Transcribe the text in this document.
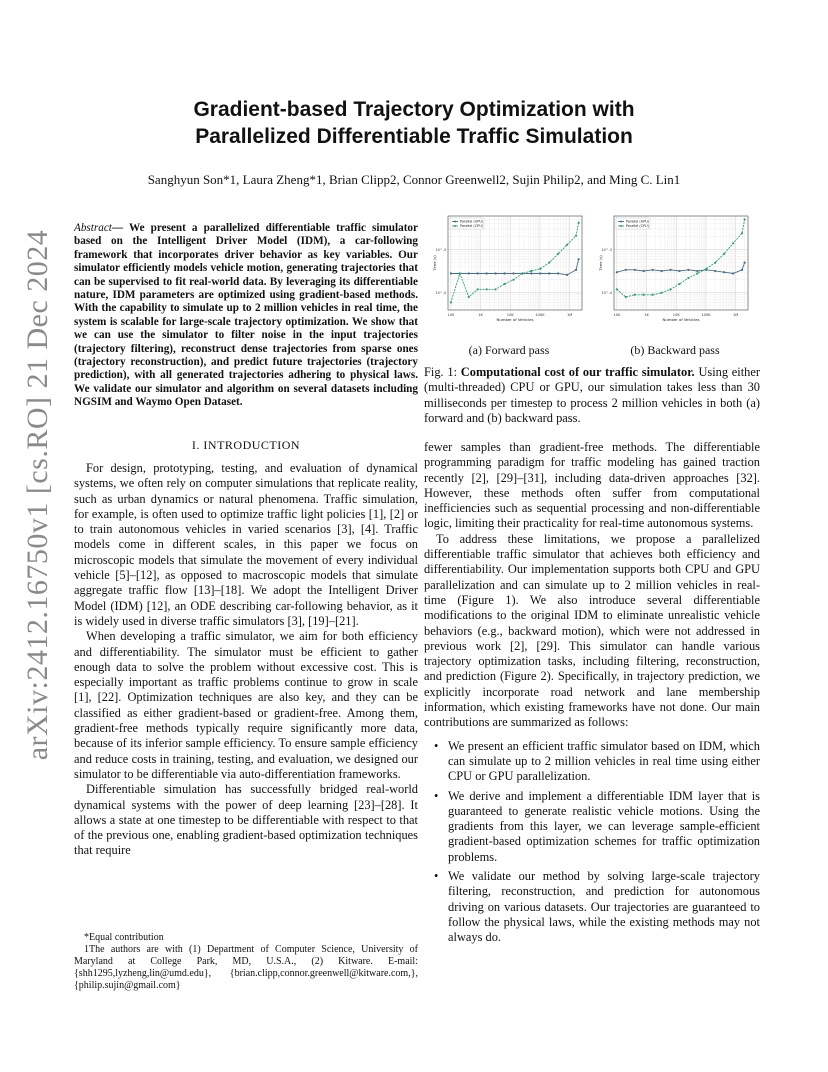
arXiv:2412.16750v1 [cs.RO] 21 Dec 2024
Gradient-based Trajectory Optimization with
Parallelized Differentiable Traffic Simulation
Sanghyun Son*1, Laura Zheng*1, Brian Clipp2, Connor Greenwell2, Sujin Philip2, and Ming C. Lin1
Abstract— We present a parallelized differentiable traffic simulator based on the Intelligent Driver Model (IDM), a car-following framework that incorporates driver behavior as key variables. Our simulator efficiently models vehicle motion, generating trajectories that can be supervised to fit real-world data. By leveraging its differentiable nature, IDM parameters are optimized using gradient-based methods. With the capability to simulate up to 2 million vehicles in real time, the system is scalable for large-scale trajectory optimization. We show that we can use the simulator to filter noise in the input trajectories (trajectory filtering), reconstruct dense trajectories from sparse ones (trajectory reconstruction), and predict future trajectories (trajectory prediction), with all generated trajectories adhering to physical laws. We validate our simulator and algorithm on several datasets including NGSIM and Waymo Open Dataset.
I. INTRODUCTION

For design, prototyping, testing, and evaluation of dynamical systems, we often rely on computer simulations that replicate reality, such as urban dynamics or natural phenomena. Traffic simulation, for example, is often used to optimize traffic light policies [1], [2] or to train autonomous vehicles in varied scenarios [3], [4]. Traffic models come in different scales, in this paper we focus on microscopic models that simulate the movement of every individual vehicle [5]–[12], as opposed to macroscopic models that simulate aggregate traffic flow [13]–[18]. We adopt the Intelligent Driver Model (IDM) [12], an ODE describing car-following behavior, as it is widely used in diverse traffic simulators [3], [19]–[21].

When developing a traffic simulator, we aim for both efficiency and differentiability. The simulator must be efficient to gather enough data to solve the problem without excessive cost. This is especially important as traffic problems continue to grow in scale [1], [22]. Optimization techniques are also key, and they can be classified as either gradient-based or gradient-free. Among them, gradient-free methods typically require significantly more data, because of its inferior sample efficiency. To ensure sample efficiency and reduce costs in training, testing, and evaluation, we designed our simulator to be differentiable via auto-differentiation frameworks.

Differentiable simulation has successfully bridged real-world dynamical systems with the power of deep learning [23]–[28]. It allows a state at one timestep to be differentiable with respect to that of the previous one, enabling gradient-based optimization techniques that require

*Equal contribution
1The authors are with (1) Department of Computer Science, University of Maryland at College Park, MD, U.S.A., (2) Kitware. E-mail: {shh1295,lyzheng,lin@umd.edu}, {brian.clipp,connor.greenwell@kitware.com,}, {philip.sujin@gmail.com}
100	1K	10K	100K	1M
10^-3
10^-4
Number of Vehicles
Time (s)
Parallel (GPU)
Parallel (CPU)
100	1K	10K	100K	1M
10^-3
10^-4
Number of Vehicles
Time (s)
Parallel (GPU)
Parallel (CPU)
(a) Forward pass	(b) Backward pass
Fig. 1: Computational cost of our traffic simulator. Using either (multi-threaded) CPU or GPU, our simulation takes less than 30 milliseconds per timestep to process 2 million vehicles in both (a) forward and (b) backward pass.

fewer samples than gradient-free methods. The differentiable programming paradigm for traffic modeling has gained traction recently [2], [29]–[31], including data-driven approaches [32]. However, these methods often suffer from computational inefficiencies such as sequential processing and non-differentiable logic, limiting their practicality for real-time autonomous systems.

To address these limitations, we propose a parallelized differentiable traffic simulator that achieves both efficiency and differentiability. Our implementation supports both CPU and GPU parallelization and can simulate up to 2 million vehicles in real-time (Figure 1). We also introduce several differentiable modifications to the original IDM to eliminate unrealistic vehicle behaviors (e.g., backward motion), which were not addressed in previous work [2], [29]. This simulator can handle various trajectory optimization tasks, including filtering, reconstruction, and prediction (Figure 2). Specifically, in trajectory prediction, we explicitly incorporate road network and lane membership information, which existing frameworks have not done. Our main contributions are summarized as follows:

• We present an efficient traffic simulator based on IDM, which can simulate up to 2 million vehicles in real time using either CPU or GPU parallelization.
• We derive and implement a differentiable IDM layer that is guaranteed to generate realistic vehicle motions. Using the gradients from this layer, we can leverage sample-efficient gradient-based optimization schemes for traffic optimization problems.
• We validate our method by solving large-scale trajectory filtering, reconstruction, and prediction for autonomous driving on various datasets. Our trajectories are guaranteed to follow the physical laws, while the existing methods may not always do.
